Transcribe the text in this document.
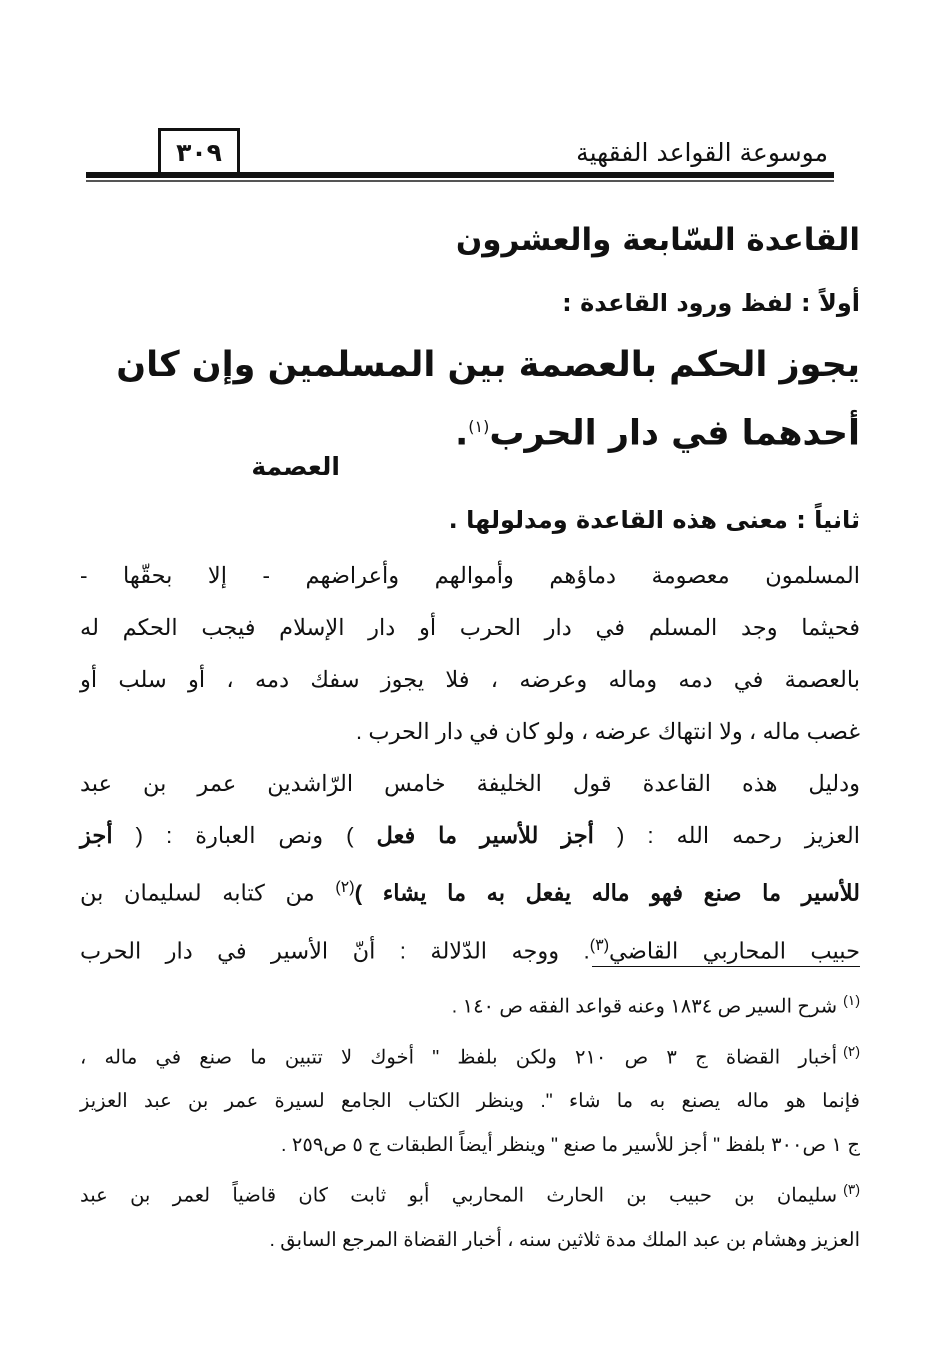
موسوعة القواعد الفقهية
٣٠٩
القاعدة السّابعة والعشرون
أولاً : لفظ ورود القاعدة :
يجوز الحكم بالعصمة بين المسلمين وإن كان
أحدهما في دار الحرب$^{(١)}$.
العصمة
ثانياً : معنى هذه القاعدة ومدلولها .
المسلمون معصومة دماؤهم وأموالهم وأعراضهم - إلا بحقّها -
فحيثما وجد المسلم في دار الحرب أو دار الإسلام فيجب الحكم له
بالعصمة في دمه وماله وعرضه ، فلا يجوز سفك دمه ، أو سلب أو
غصب ماله ، ولا انتهاك عرضه ، ولو كان في دار الحرب .
ودليل هذه القاعدة قول الخليفة خامس الرّاشدين عمر بن عبد
العزيز رحمه الله : ( أجز للأسير ما فعل ) ونص العبارة : ( أجز
للأسير ما صنع فهو ماله يفعل به ما يشاء )$^{(٢)}$ من كتابه لسليمان بن
حبيب المحاربي القاضي$^{(٣)}$. ووجه الدّلالة : أنّ الأسير في دار الحرب
$^{(١)}$شرح السير ص ١٨٣٤ وعنه قواعد الفقه ص ١٤٠ .
$^{(٢)}$أخبار القضاة ج ٣ ص ٢١٠ ولكن بلفظ " أخوك لا تتبين ما صنع في ماله ،
فإنما هو ماله يصنع به ما شاء ". وينظر الكتاب الجامع لسيرة عمر بن عبد العزيز
ج ١ ص٣٠٠ بلفظ " أجز للأسير ما صنع " وينظر أيضاً الطبقات ج ٥ ص٢٥٩ .
$^{(٣)}$سليمان بن حبيب بن الحارث المحاربي أبو ثابت كان قاضياً لعمر بن عبد
العزيز وهشام بن عبد الملك مدة ثلاثين سنه ، أخبار القضاة المرجع السابق .
